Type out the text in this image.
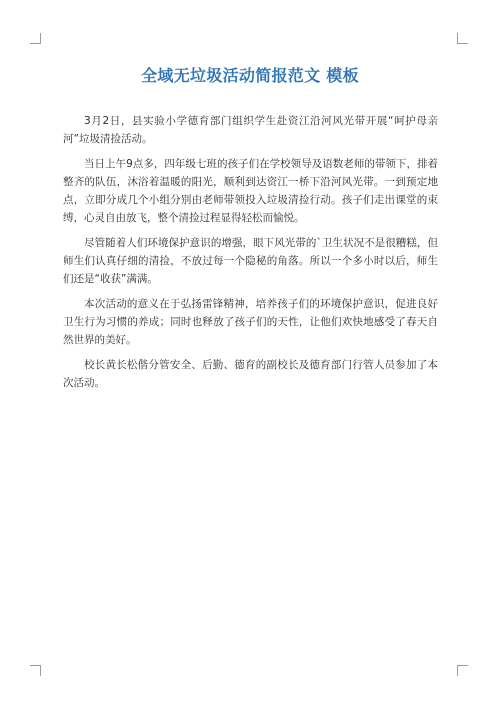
全域无垃圾活动简报范文 模板

3月2日，县实验小学德育部门组织学生赴资江沿河风光带开展“呵护母亲河”垃圾清捡活动。

当日上午9点多，四年级七班的孩子们在学校领导及语数老师的带领下，排着整齐的队伍，沐浴着温暖的阳光，顺利到达资江一桥下沿河风光带。一到预定地点，立即分成几个小组分别由老师带领投入垃圾清捡行动。孩子们走出课堂的束缚，心灵自由放飞，整个清捡过程显得轻松而愉悦。

尽管随着人们环境保护意识的增强，眼下风光带的`卫生状况不是很糟糕，但师生们认真仔细的清捡，不放过每一个隐秘的角落。所以一个多小时以后，师生们还是“收获”满满。

本次活动的意义在于弘扬雷锋精神，培养孩子们的环境保护意识，促进良好卫生行为习惯的养成；同时也释放了孩子们的天性，让他们欢快地感受了春天自然世界的美好。

校长黄长松偕分管安全、后勤、德育的副校长及德育部门行管人员参加了本次活动。
